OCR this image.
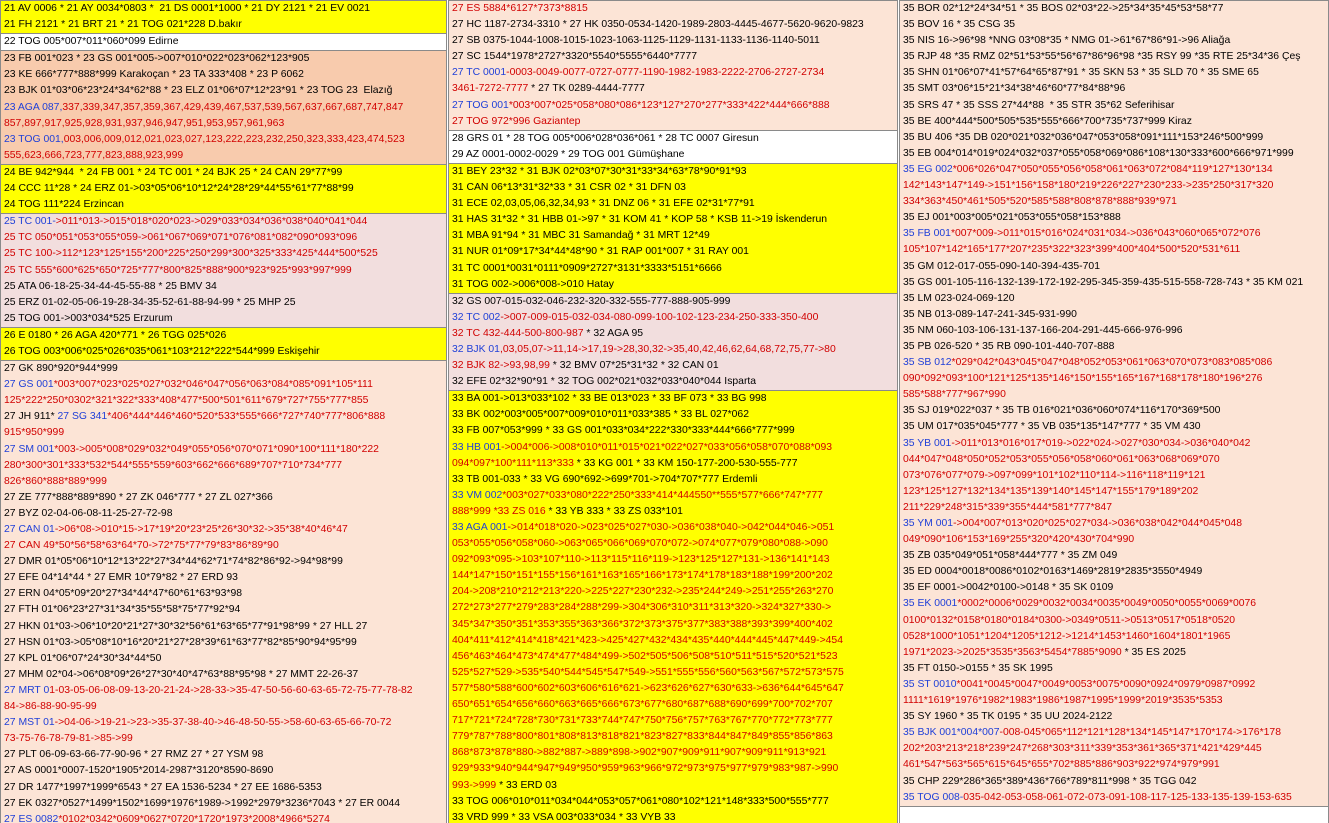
21 AV 0006 * 21 AY 0034*0803 *  21 DS 0001*1000 * 21 DY 2121 * 21 EV 0021
21 FH 2121 * 21 BRT 21 * 21 TOG 021*228 D.bakır
22 TOG 005*007*011*060*099 Edirne
23 FB 001*023 * 23 GS 001*005->007*010*022*023*062*123*905
23 KE 666*777*888*999 Karakoçan * 23 TA 333*408 * 23 P 6062
23 BJK 01*03*06*23*24*34*62*88 * 23 ELZ 01*06*07*12*23*91 * 23 TOG 23  Elazığ
23 AGA 087,337,339,347,357,359,367,429,439,467,537,539,567,637,667,687,747,847
857,897,917,925,928,931,937,946,947,951,953,957,961,963
23 TOG 001,003,006,009,012,021,023,027,123,222,223,232,250,323,333,423,474,523
555,623,666,723,777,823,888,923,999
24 BE 942*944  * 24 FB 001 * 24 TC 001 * 24 BJK 25 * 24 CAN 29*77*99
24 CCC 11*28 * 24 ERZ 01->03*05*06*10*12*24*28*29*44*55*61*77*88*99
24 TOG 111*224 Erzincan
25 TC 001->011*013->015*018*020*023->029*033*034*036*038*040*041*044
25 TC 050*051*053*055*059->061*067*069*071*076*081*082*090*093*096
25 TC 100->112*123*125*155*200*225*250*299*300*325*333*425*444*500*525
25 TC 555*600*625*650*725*777*800*825*888*900*923*925*993*997*999
25 ATA 06-18-25-34-44-45-55-88 * 25 BMV 34
25 ERZ 01-02-05-06-19-28-34-35-52-61-88-94-99 * 25 MHP 25
25 TOG 001->003*034*525 Erzurum
26 E 0180 * 26 AGA 420*771 * 26 TGG 025*026
26 TOG 003*006*025*026*035*061*103*212*222*544*999 Eskişehir
27 GK 890*920*944*999
27 GS 001*003*007*023*025*027*032*046*047*056*063*084*085*091*105*111
125*222*250*0302*321*322*333*408*477*500*501*611*679*727*755*777*855
27 JH 911* 27 SG 341*406*444*446*460*520*533*555*666*727*740*777*806*888
915*950*999
27 SM 001*003->005*008*029*032*049*055*056*070*071*090*100*111*180*222
280*300*301*333*532*544*555*559*603*662*666*689*707*710*734*777
826*860*888*889*999
27 ZE 777*888*889*890 * 27 ZK 046*777 * 27 ZL 027*366
27 BYZ 02-04-06-08-11-25-27-72-98
27 CAN 01->06*08->010*15->17*19*20*23*25*26*30*32->35*38*40*46*47
27 CAN 49*50*56*58*63*64*70->72*75*77*79*83*86*89*90
27 DMR 01*05*06*10*12*13*22*27*34*44*62*71*74*82*86*92->94*98*99
27 EFE 04*14*44 * 27 EMR 10*79*82 * 27 ERD 93
27 ERN 04*05*09*20*27*34*44*47*60*61*63*93*98
27 FTH 01*06*23*27*31*34*35*55*58*75*77*92*94
27 HKN 01*03->06*10*20*21*27*30*32*56*61*63*65*77*91*98*99 * 27 HLL 27
27 HSN 01*03->05*08*10*16*20*21*27*28*39*61*63*77*82*85*90*94*95*99
27 KPL 01*06*07*24*30*34*44*50
27 MHM 02*04->06*08*09*26*27*30*40*47*63*88*95*98 * 27 MMT 22-26-37
27 MRT 01-03-05-06-08-09-13-20-21-24->28-33->35-47-50-56-60-63-65-72-75-77-78-82
84->86-88-90-95-99
27 MST 01->04-06->19-21->23->35-37-38-40->46-48-50-55->58-60-63-65-66-70-72
73-75-76-78-79-81->85->99
27 PLT 06-09-63-66-77-90-96 * 27 RMZ 27 * 27 YSM 98
27 AS 0001*0007-1520*1905*2014-2987*3120*8590-8690
27 DR 1477*1997*1999*6543 * 27 EA 1536-5234 * 27 EE 1686-5353
27 EK 0327*0527*1499*1502*1699*1976*1989->1992*2979*3236*7043 * 27 ER 0044
27 ES 0082*0102*0342*0609*0627*0720*1720*1973*2008*4966*5274
27 ES 5884*6127*7373*8815
27 HC 1187-2734-3310 * 27 HK 0350-0534-1420-1989-2803-4445-4677-5620-9620-9823
27 SB 0375-1044-1008-1015-1023-1063-1125-1129-1131-1133-1136-1140-5011
27 SC 1544*1978*2727*3320*5540*5555*6440*7777
27 TC 0001-0003-0049-0077-0727-0777-1190-1982-1983-2222-2706-2727-2734
3461-7272-7777 * 27 TK 0289-4444-7777
27 TOG 001*003*007*025*058*080*086*123*127*270*277*333*422*444*666*888
27 TOG 972*996 Gaziantep
28 GRS 01 * 28 TOG 005*006*028*036*061 * 28 TC 0007 Giresun
29 AZ 0001-0002-0029 * 29 TOG 001 Gümüşhane
31 BEY 23*32 * 31 BJK 02*03*07*30*31*33*34*63*78*90*91*93
31 CAN 06*13*31*32*33 * 31 CSR 02 * 31 DFN 03
31 ECE 02,03,05,06,32,34,93 * 31 DNZ 06 * 31 EFE 02*31*77*91
31 HAS 31*32 * 31 HBB 01->97 * 31 KOM 41 * KOP 58 * KSB 11->19 İskenderun
31 MBA 91*94 * 31 MBC 31 Samandağ * 31 MRT 12*49
31 NUR 01*09*17*34*44*48*90 * 31 RAP 001*007 * 31 RAY 001
31 TC 0001*0031*0111*0909*2727*3131*3333*5151*6666
31 TOG 002->006*008->010 Hatay
32 GS 007-015-032-046-232-320-332-555-777-888-905-999
32 TC 002->007-009-015-032-034-080-099-100-102-123-234-250-333-350-400
32 TC 432-444-500-800-987 * 32 AGA 95
32 BJK 01,03,05,07->11,14->17,19->28,30,32->35,40,42,46,62,64,68,72,75,77->80
32 BJK 82->93,98,99 * 32 BMV 07*25*31*32 * 32 CAN 01
32 EFE 02*32*90*91 * 32 TOG 002*021*032*033*040*044 Isparta
33 BA 001->013*033*102 * 33 BE 013*023 * 33 BF 073 * 33 BG 998
33 BK 002*003*005*007*009*010*011*033*385 * 33 BL 027*062
33 FB 007*053*999 * 33 GS 001*033*034*222*330*333*444*666*777*999
33 HB 001->004*006->008*010*011*015*021*022*027*033*056*058*070*088*093
094*097*100*111*113*333 * 33 KG 001 * 33 KM 150-177-200-530-555-777
33 TB 001-033 * 33 VG 690*692->699*701->704*707*777 Erdemli
33 VM 002*003*027*033*080*222*250*333*414*444550**555*577*666*747*777
888*999 *33 ZS 016 * 33 YB 333 * 33 ZS 033*101
33 AGA 001->014*018*020->023*025*027*030->036*038*040->042*044*046->051
053*055*056*058*060->063*065*066*069*070*072->074*077*079*080*088->090
092*093*095->103*107*110->113*115*116*119->123*125*127*131->136*141*143
144*147*150*151*155*156*161*163*165*166*173*174*178*183*188*199*200*202
204->208*210*212*213*220->225*227*230*232->235*244*249->251*255*263*270
272*273*277*279*283*284*288*299->304*306*310*311*313*320->324*327*330->
345*347*350*351*353*355*363*366*372*373*375*377*383*388*393*399*400*402
404*411*412*414*418*421*423->425*427*432*434*435*440*444*445*447*449->454
456*463*464*473*474*477*484*499->502*505*506*508*510*511*515*520*521*523
525*527*529->535*540*544*545*547*549->551*555*556*560*563*567*572*573*575
577*580*588*600*602*603*606*616*621->623*626*627*630*633->636*644*645*647
650*651*654*656*660*663*665*666*673*677*680*687*688*690*699*700*702*707
717*721*724*728*730*731*733*744*747*750*756*757*763*767*770*772*773*777
779*787*788*800*801*808*813*818*821*823*827*833*844*847*849*855*856*863
868*873*878*880->882*887->889*898->902*907*909*911*907*909*911*913*921
929*933*940*944*947*949*950*959*963*966*972*973*975*977*979*983*987->990
993->999 * 33 ERD 03
33 TOG 006*010*011*034*044*053*057*061*080*102*121*148*333*500*555*777
33 VRD 999 * 33 VSA 003*033*034 * 33 VYB 33
35 BOR 02*12*24*34*51 * 35 BOS 02*03*22->25*34*35*45*53*58*77
35 BOV 16 * 35 CSG 35
35 NIS 16->96*98 *NNG 03*08*35 * NMG 01->61*67*86*91->96 Aliağa
35 RJP 48 *35 RMZ 02*51*53*55*56*67*86*96*98 *35 RSY 99 *35 RTE 25*34*36 Çeş
35 SHN 01*06*07*41*57*64*65*87*91 * 35 SKN 53 * 35 SLD 70 * 35 SME 65
35 SMT 03*06*15*21*34*38*46*60*77*84*88*96
35 SRS 47 * 35 SSS 27*44*88  * 35 STR 35*62 Seferihisar
35 BE 400*444*500*505*535*555*666*700*735*737*999 Kiraz
35 BU 406 *35 DB 020*021*032*036*047*053*058*091*111*153*246*500*999
35 EB 004*014*019*024*032*037*055*058*069*086*108*130*333*600*666*971*999
35 EG 002*006*026*047*050*055*056*058*061*063*072*084*119*127*130*134
142*143*147*149->151*156*158*180*219*226*227*230*233->235*250*317*320
334*363*450*461*505*520*585*588*808*878*888*939*971
35 EJ 001*003*005*021*053*055*058*153*888
35 FB 001*007*009->011*015*016*024*031*034->036*043*060*065*072*076
105*107*142*165*177*207*235*322*323*399*400*404*500*520*531*611
35 GM 012-017-055-090-140-394-435-701
35 GS 001-105-116-132-139-172-192-295-345-359-435-515-558-728-743 * 35 KM 021
35 LM 023-024-069-120
35 NB 013-089-147-241-345-931-990
35 NM 060-103-106-131-137-166-204-291-445-666-976-996
35 PB 026-520 * 35 RB 090-101-440-707-888
35 SB 012*029*042*043*045*047*048*052*053*061*063*070*073*083*085*086
090*092*093*100*121*125*135*146*150*155*165*167*168*178*180*196*276
585*588*777*967*990
35 SJ 019*022*037 * 35 TB 016*021*036*060*074*116*170*369*500
35 UM 017*035*045*777 * 35 VB 035*135*147*777 * 35 VM 430
35 YB 001->011*013*016*017*019->022*024->027*030*034->036*040*042
044*047*048*050*052*053*055*056*058*060*061*063*068*069*070
073*076*077*079->097*099*101*102*110*114->116*118*119*121
123*125*127*132*134*135*139*140*145*147*155*179*189*202
211*229*248*315*339*355*444*581*777*847
35 YM 001->004*007*013*020*025*027*034->036*038*042*044*045*048
049*090*106*153*169*255*320*420*430*704*990
35 ZB 035*049*051*058*444*777 * 35 ZM 049
35 ED 0004*0018*0086*0102*0163*1469*2819*2835*3550*4949
35 EF 0001->0042*0100->0148 * 35 SK 0109
35 EK 0001*0002*0006*0029*0032*0034*0035*0049*0050*0055*0069*0076
0100*0132*0158*0180*0184*0300->0349*0511->0513*0517*0518*0520
0528*1000*1051*1204*1205*1212->1214*1453*1460*1604*1801*1965
1971*2023->2025*3535*3563*5454*7885*9090 * 35 ES 2025
35 FT 0150->0155 * 35 SK 1995
35 ST 0010*0041*0045*0047*0049*0053*0075*0090*0924*0979*0987*0992
1111*1619*1976*1982*1983*1986*1987*1995*1999*2019*3535*5353
35 SY 1960 * 35 TK 0195 * 35 UU 2024-2122
35 BJK 001*004*007-008-045*065*112*121*128*134*145*147*170*174->176*178
202*203*213*218*239*247*268*303*311*339*353*361*365*371*421*429*445
461*547*563*565*615*645*655*702*885*886*903*922*974*979*991
35 CHP 229*286*365*389*436*766*789*811*998 * 35 TGG 042
35 TOG 008-035-042-053-058-061-072-073-091-108-117-125-133-135-139-153-635
